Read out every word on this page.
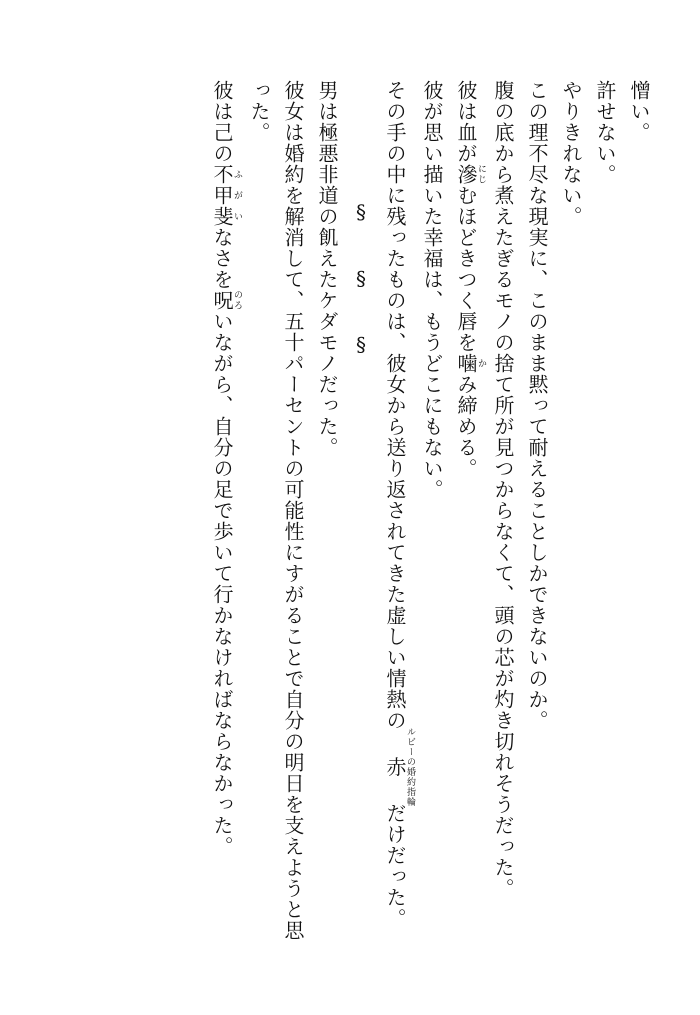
憎い。
許せない。
やりきれない。
この理不尽な現実に、このまま黙って耐えることしかできないのか。
腹の底から煮えたぎるモノの捨て所が見つからなくて、頭の芯が灼き切れそうだった。
彼は血が滲にじむほどきつく唇を噛かみ締める。
彼が思い描いた幸福は、もうどこにもない。
その手の中に残ったものは、彼女から送り返されてきた虚しい情熱の赤ルビーの婚約指輪だけだった。
§ § §
男は極悪非道の飢えたケダモノだった。
彼女は婚約を解消して、五十パーセントの可能性にすがることで自分の明日を支えようと思った。
彼は己の不甲斐ふがいなさを呪のろいながら、自分の足で歩いて行かなければならなかった。
